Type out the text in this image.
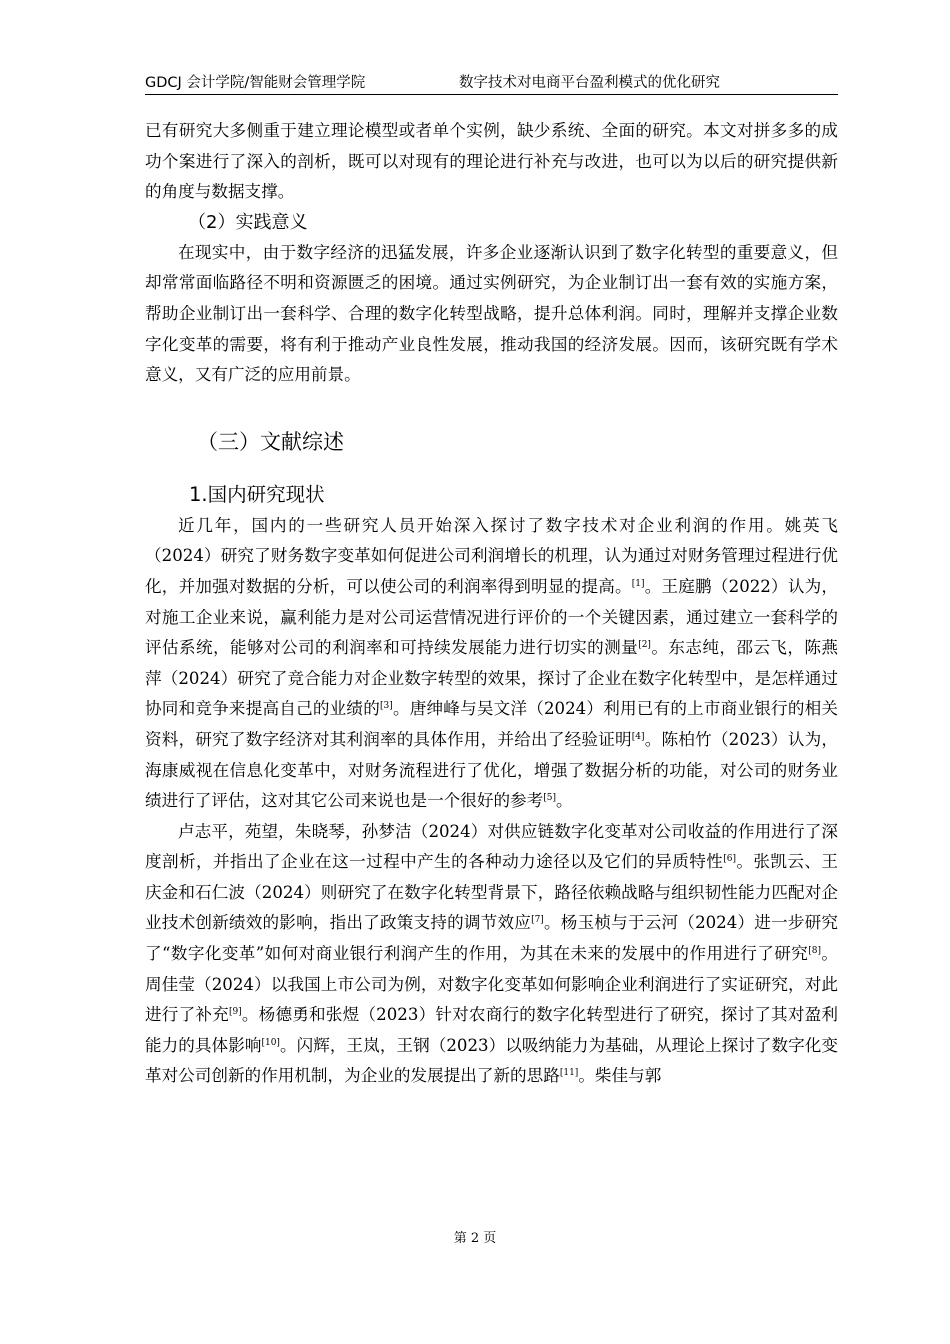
GDCJ 会计学院/智能财会管理学院	数字技术对电商平台盈利模式的优化研究

已有研究大多侧重于建立理论模型或者单个实例，缺少系统、全面的研究。本文对拼多多的成功个案进行了深入的剖析，既可以对现有的理论进行补充与改进，也可以为以后的研究提供新的角度与数据支撑。

（2）实践意义

在现实中，由于数字经济的迅猛发展，许多企业逐渐认识到了数字化转型的重要意义，但却常常面临路径不明和资源匮乏的困境。通过实例研究，为企业制订出一套有效的实施方案，帮助企业制订出一套科学、合理的数字化转型战略，提升总体利润。同时，理解并支撑企业数字化变革的需要，将有利于推动产业良性发展，推动我国的经济发展。因而，该研究既有学术意义，又有广泛的应用前景。

（三）文献综述
1.国内研究现状

近几年，国内的一些研究人员开始深入探讨了数字技术对企业利润的作用。姚英飞（2024）研究了财务数字变革如何促进公司利润增长的机理，认为通过对财务管理过程进行优化，并加强对数据的分析，可以使公司的利润率得到明显的提高。[1]。王庭鹏（2022）认为，对施工企业来说，赢利能力是对公司运营情况进行评价的一个关键因素，通过建立一套科学的评估系统，能够对公司的利润率和可持续发展能力进行切实的测量[2]。东志纯，邵云飞，陈燕萍（2024）研究了竞合能力对企业数字转型的效果，探讨了企业在数字化转型中，是怎样通过协同和竞争来提高自己的业绩的[3]。唐绅峰与吴文洋（2024）利用已有的上市商业银行的相关资料，研究了数字经济对其利润率的具体作用，并给出了经验证明[4]。陈柏竹（2023）认为，海康威视在信息化变革中，对财务流程进行了优化，增强了数据分析的功能，对公司的财务业绩进行了评估，这对其它公司来说也是一个很好的参考[5]。

卢志平，苑望，朱晓琴，孙梦洁（2024）对供应链数字化变革对公司收益的作用进行了深度剖析，并指出了企业在这一过程中产生的各种动力途径以及它们的异质特性[6]。张凯云、王庆金和石仁波（2024）则研究了在数字化转型背景下，路径依赖战略与组织韧性能力匹配对企业技术创新绩效的影响，指出了政策支持的调节效应[7]。杨玉桢与于云河（2024）进一步研究了“数字化变革”如何对商业银行利润产生的作用，为其在未来的发展中的作用进行了研究[8]。周佳莹（2024）以我国上市公司为例，对数字化变革如何影响企业利润进行了实证研究，对此进行了补充[9]。杨德勇和张煜（2023）针对农商行的数字化转型进行了研究，探讨了其对盈利能力的具体影响[10]。闪辉，王岚，王钢（2023）以吸纳能力为基础，从理论上探讨了数字化变革对公司创新的作用机制，为企业的发展提出了新的思路[11]。柴佳与郭

第 2 页
